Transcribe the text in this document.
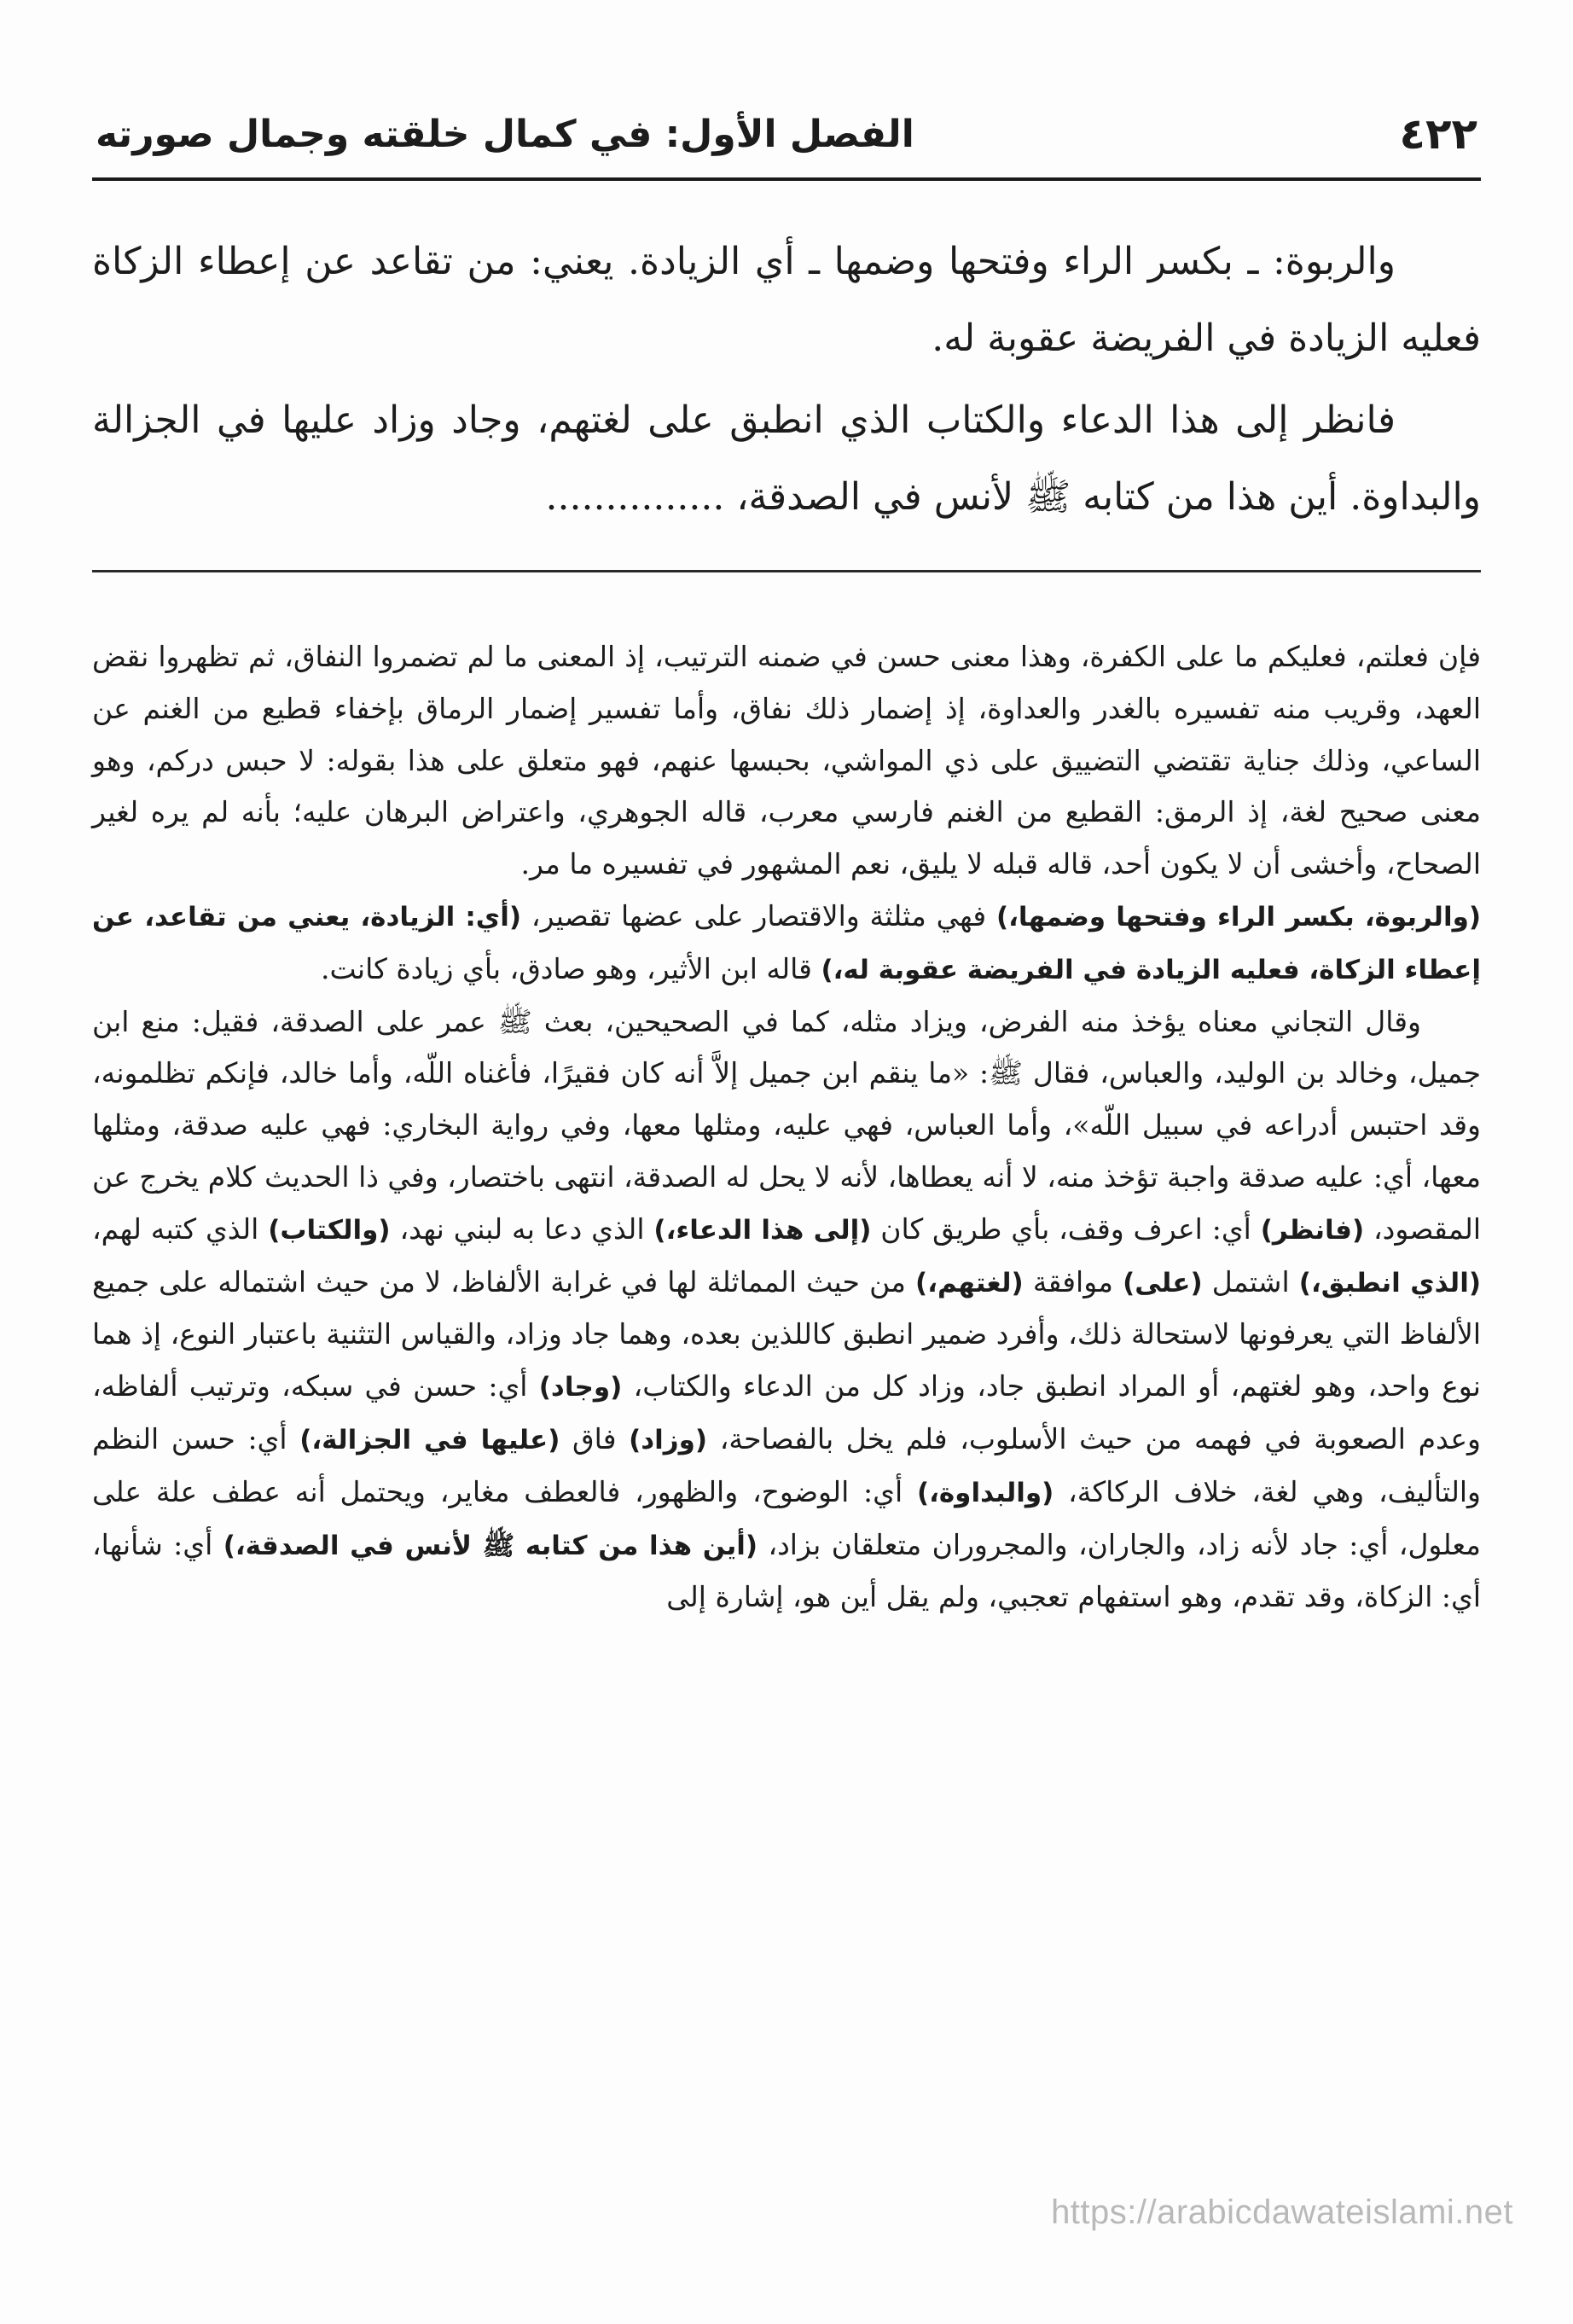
٤٢٢
الفصل الأول: في كمال خلقته وجمال صورته

والربوة: ـ بكسر الراء وفتحها وضمها ـ أي الزيادة. يعني: من تقاعد عن إعطاء الزكاة فعليه الزيادة في الفريضة عقوبة له.

فانظر إلى هذا الدعاء والكتاب الذي انطبق على لغتهم، وجاد وزاد عليها في الجزالة والبداوة. أين هذا من كتابه ﷺ لأنس في الصدقة، ...............

فإن فعلتم، فعليكم ما على الكفرة، وهذا معنى حسن في ضمنه الترتيب، إذ المعنى ما لم تضمروا النفاق، ثم تظهروا نقض العهد، وقريب منه تفسيره بالغدر والعداوة، إذ إضمار ذلك نفاق، وأما تفسير إضمار الرماق بإخفاء قطيع من الغنم عن الساعي، وذلك جناية تقتضي التضييق على ذي المواشي، بحبسها عنهم، فهو متعلق على هذا بقوله: لا حبس دركم، وهو معنى صحيح لغة، إذ الرمق: القطيع من الغنم فارسي معرب، قاله الجوهري، واعتراض البرهان عليه؛ بأنه لم يره لغير الصحاح، وأخشى أن لا يكون أحد، قاله قبله لا يليق، نعم المشهور في تفسيره ما مر.

(والربوة، بكسر الراء وفتحها وضمها،) فهي مثلثة والاقتصار على عضها تقصير، (أي: الزيادة، يعني من تقاعد، عن إعطاء الزكاة، فعليه الزيادة في الفريضة عقوبة له،) قاله ابن الأثير، وهو صادق، بأي زيادة كانت.

وقال التجاني معناه يؤخذ منه الفرض، ويزاد مثله، كما في الصحيحين، بعث ﷺ عمر على الصدقة، فقيل: منع ابن جميل، وخالد بن الوليد، والعباس، فقال ﷺ: «ما ينقم ابن جميل إلاَّ أنه كان فقيرًا، فأغناه اللّه، وأما خالد، فإنكم تظلمونه، وقد احتبس أدراعه في سبيل اللّه»، وأما العباس، فهي عليه، ومثلها معها، وفي رواية البخاري: فهي عليه صدقة، ومثلها معها، أي: عليه صدقة واجبة تؤخذ منه، لا أنه يعطاها، لأنه لا يحل له الصدقة، انتهى باختصار، وفي ذا الحديث كلام يخرج عن المقصود، (فانظر) أي: اعرف وقف، بأي طريق كان (إلى هذا الدعاء،) الذي دعا به لبني نهد، (والكتاب) الذي كتبه لهم، (الذي انطبق،) اشتمل (على) موافقة (لغتهم،) من حيث المماثلة لها في غرابة الألفاظ، لا من حيث اشتماله على جميع الألفاظ التي يعرفونها لاستحالة ذلك، وأفرد ضمير انطبق كاللذين بعده، وهما جاد وزاد، والقياس التثنية باعتبار النوع، إذ هما نوع واحد، وهو لغتهم، أو المراد انطبق جاد، وزاد كل من الدعاء والكتاب، (وجاد) أي: حسن في سبكه، وترتيب ألفاظه، وعدم الصعوبة في فهمه من حيث الأسلوب، فلم يخل بالفصاحة، (وزاد) فاق (عليها في الجزالة،) أي: حسن النظم والتأليف، وهي لغة، خلاف الركاكة، (والبداوة،) أي: الوضوح، والظهور، فالعطف مغاير، ويحتمل أنه عطف علة على معلول، أي: جاد لأنه زاد، والجاران، والمجروران متعلقان بزاد، (أين هذا من كتابه ﷺ لأنس في الصدقة،) أي: شأنها، أي: الزكاة، وقد تقدم، وهو استفهام تعجبي، ولم يقل أين هو، إشارة إلى

https://arabicdawateislami.net
